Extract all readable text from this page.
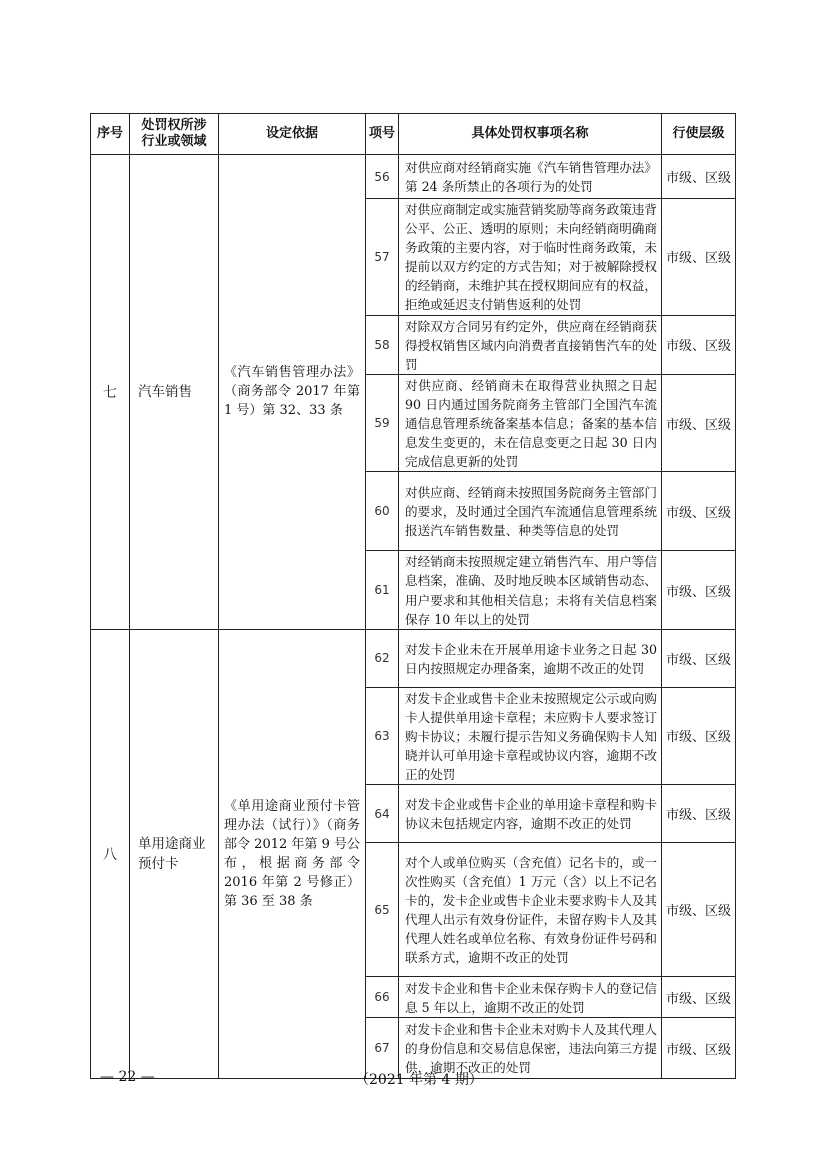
序号	处罚权所涉行业或领域	设定依据	项号	具体处罚权事项名称	行使层级
七	汽车销售	《汽车销售管理办法》（商务部令 2017 年第 1 号）第 32、33 条	56	对供应商对经销商实施《汽车销售管理办法》第 24 条所禁止的各项行为的处罚	市级、区级
			57	对供应商制定或实施营销奖励等商务政策违背公平、公正、透明的原则；未向经销商明确商务政策的主要内容，对于临时性商务政策，未提前以双方约定的方式告知；对于被解除授权的经销商，未维护其在授权期间应有的权益，拒绝或延迟支付销售返利的处罚	市级、区级
			58	对除双方合同另有约定外，供应商在经销商获得授权销售区域内向消费者直接销售汽车的处罚	市级、区级
			59	对供应商、经销商未在取得营业执照之日起 90 日内通过国务院商务主管部门全国汽车流通信息管理系统备案基本信息；备案的基本信息发生变更的，未在信息变更之日起 30 日内完成信息更新的处罚	市级、区级
			60	对供应商、经销商未按照国务院商务主管部门的要求，及时通过全国汽车流通信息管理系统报送汽车销售数量、种类等信息的处罚	市级、区级
			61	对经销商未按照规定建立销售汽车、用户等信息档案，准确、及时地反映本区域销售动态、用户要求和其他相关信息；未将有关信息档案保存 10 年以上的处罚	市级、区级
八	单用途商业预付卡	《单用途商业预付卡管理办法（试行）》（商务部令 2012 年第 9 号公布，根据商务部令 2016 年第 2 号修正）第 36 至 38 条	62	对发卡企业未在开展单用途卡业务之日起 30 日内按照规定办理备案，逾期不改正的处罚	市级、区级
			63	对发卡企业或售卡企业未按照规定公示或向购卡人提供单用途卡章程；未应购卡人要求签订购卡协议；未履行提示告知义务确保购卡人知晓并认可单用途卡章程或协议内容，逾期不改正的处罚	市级、区级
			64	对发卡企业或售卡企业的单用途卡章程和购卡协议未包括规定内容，逾期不改正的处罚	市级、区级
			65	对个人或单位购买（含充值）记名卡的，或一次性购买（含充值）1 万元（含）以上不记名卡的，发卡企业或售卡企业未要求购卡人及其代理人出示有效身份证件，未留存购卡人及其代理人姓名或单位名称、有效身份证件号码和联系方式，逾期不改正的处罚	市级、区级
			66	对发卡企业和售卡企业未保存购卡人的登记信息 5 年以上，逾期不改正的处罚	市级、区级
			67	对发卡企业和售卡企业未对购卡人及其代理人的身份信息和交易信息保密，违法向第三方提供，逾期不改正的处罚	市级、区级
— 22 —	（2021 年第 4 期）
